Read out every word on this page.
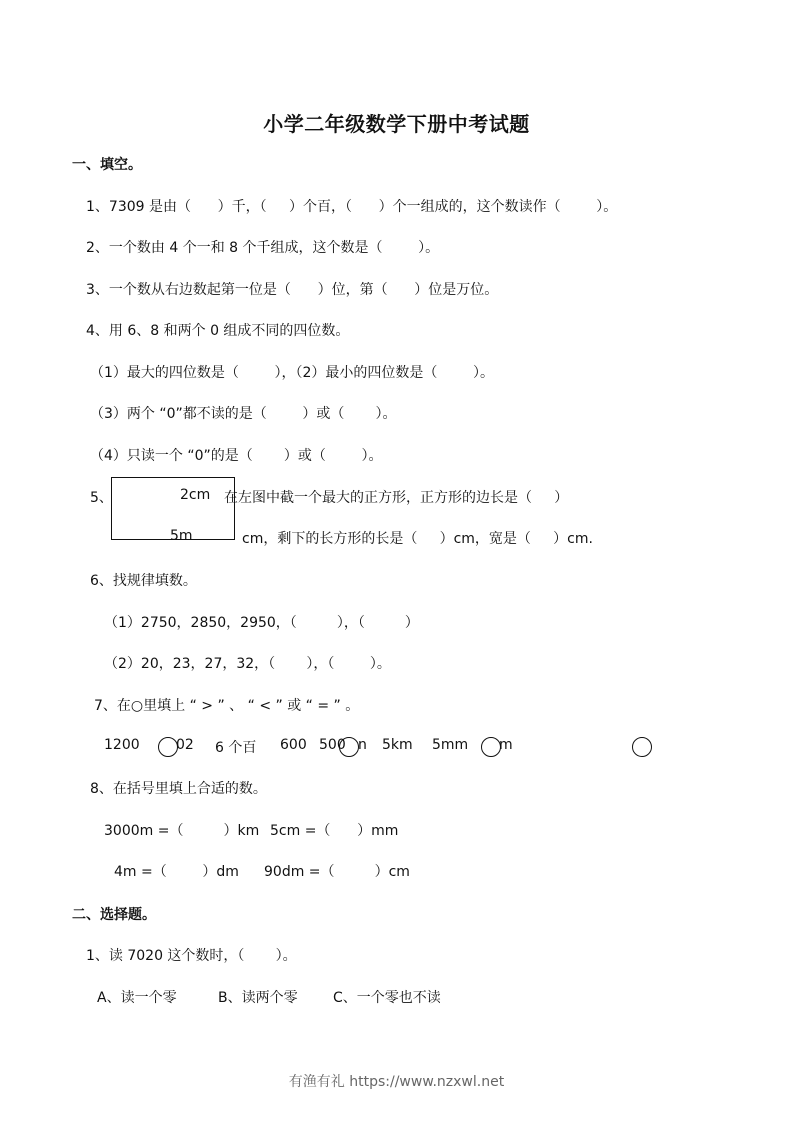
小学二年级数学下册中考试题
一、填空。
1、7309 是由（      ）千，（     ）个百，（      ）个一组成的，这个数读作（        ）。
2、一个数由 4 个一和 8 个千组成，这个数是（        ）。
3、一个数从右边数起第一位是（      ）位，第（      ）位是万位。
4、用 6、8 和两个 0 组成不同的四位数。
（1）最大的四位数是（        ），（2）最小的四位数是（        ）。
（3）两个 “0”都不读的是（        ）或（       ）。
（4）只读一个 “0”的是（       ）或（        ）。
5、	2cm
5m
在左图中截一个最大的正方形，正方形的边长是（     ）
cm，剩下的长方形的长是（     ）cm，宽是（     ）cm.
6、找规律填数。
（1）2750，2850，2950，（         ），（         ）
（2）20，23，27，32，（       ），（        ）。
7、在○里填上 “ > ” 、 “ < ” 或 “ = ” 。
1200	02 6 个百 600 500 n 5km 5mm m
8、在括号里填上合适的数。
3000m =（         ）km 5cm =（      ）mm
4m =（        ）dm 90dm =（         ）cm
二、选择题。
1、读 7020 这个数时，（       ）。
A、读一个零	B、读两个零	C、一个零也不读
有渔有礼 https://www.nzxwl.net
